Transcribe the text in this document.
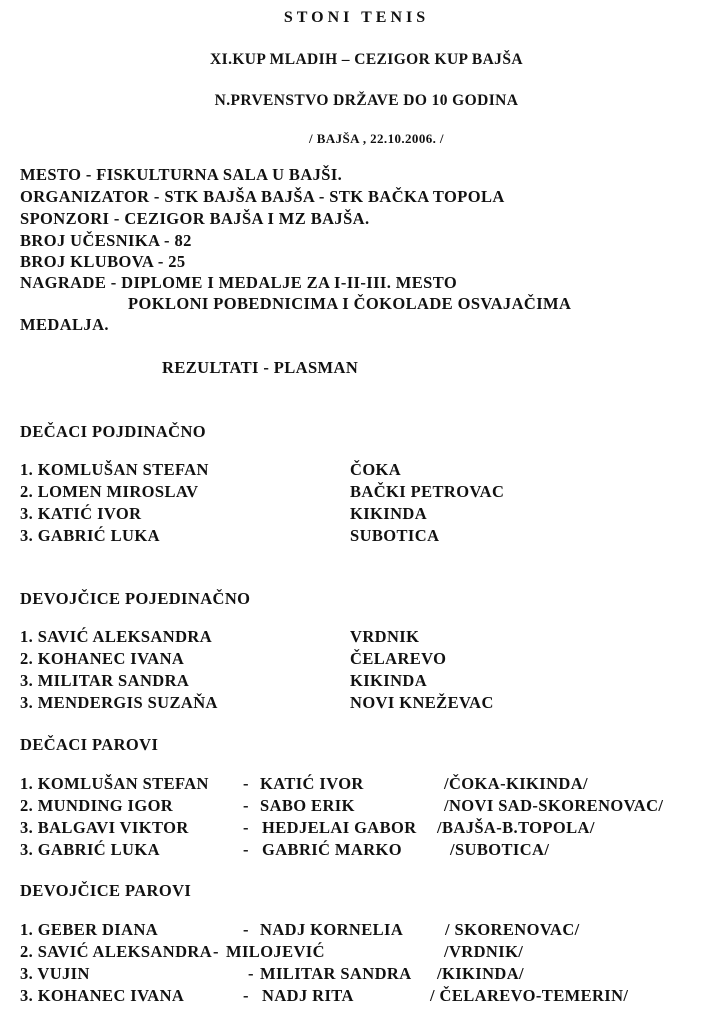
STONI TENIS
XI.KUP MLADIH – CEZIGOR KUP BAJŠA
N.PRVENSTVO DRŽAVE DO 10 GODINA
/ BAJŠA , 22.10.2006. /
MESTO - FISKULTURNA SALA U BAJŠI.
ORGANIZATOR - STK BAJŠA BAJŠA - STK BAČKA TOPOLA
SPONZORI - CEZIGOR BAJŠA I MZ BAJŠA.
BROJ UČESNIKA - 82
BROJ KLUBOVA - 25
NAGRADE - DIPLOME I MEDALJE ZA I-II-III. MESTO
POKLONI POBEDNICIMA I ČOKOLADE OSVAJAČIMA
MEDALJA.
REZULTATI - PLASMAN
DEČACI POJDINAČNO
1. KOMLUŠAN STEFAN	ČOKA
2. LOMEN MIROSLAV	BAČKI PETROVAC
3. KATIĆ IVOR	KIKINDA
3. GABRIĆ LUKA	SUBOTICA
DEVOJČICE POJEDINAČNO
1. SAVIĆ ALEKSANDRA	VRDNIK
2. KOHANEC IVANA	ČELAREVO
3. MILITAR SANDRA	KIKINDA
3. MENDERGIS SUZAŇA	NOVI KNEŽEVAC
DEČACI PAROVI
1. KOMLUŠAN STEFAN - KATIĆ IVOR	/ČOKA-KIKINDA/
2. MUNDING IGOR	- SABO ERIK	/NOVI SAD-SKORENOVAC/
3. BALGAVI VIKTOR	- HEDJELAI GABOR /BAJŠA-B.TOPOLA/
3. GABRIĆ LUKA	- GABRIĆ MARKO	/SUBOTICA/
DEVOJČICE PAROVI
1. GEBER DIANA	- NADJ KORNELIA	/ SKORENOVAC/
2. SAVIĆ ALEKSANDRA - MILOJEVIĆ	/VRDNIK/
3. VUJIN	- MILITAR SANDRA /KIKINDA/
3. KOHANEC IVANA	- NADJ RITA	/ ČELAREVO-TEMERIN/
